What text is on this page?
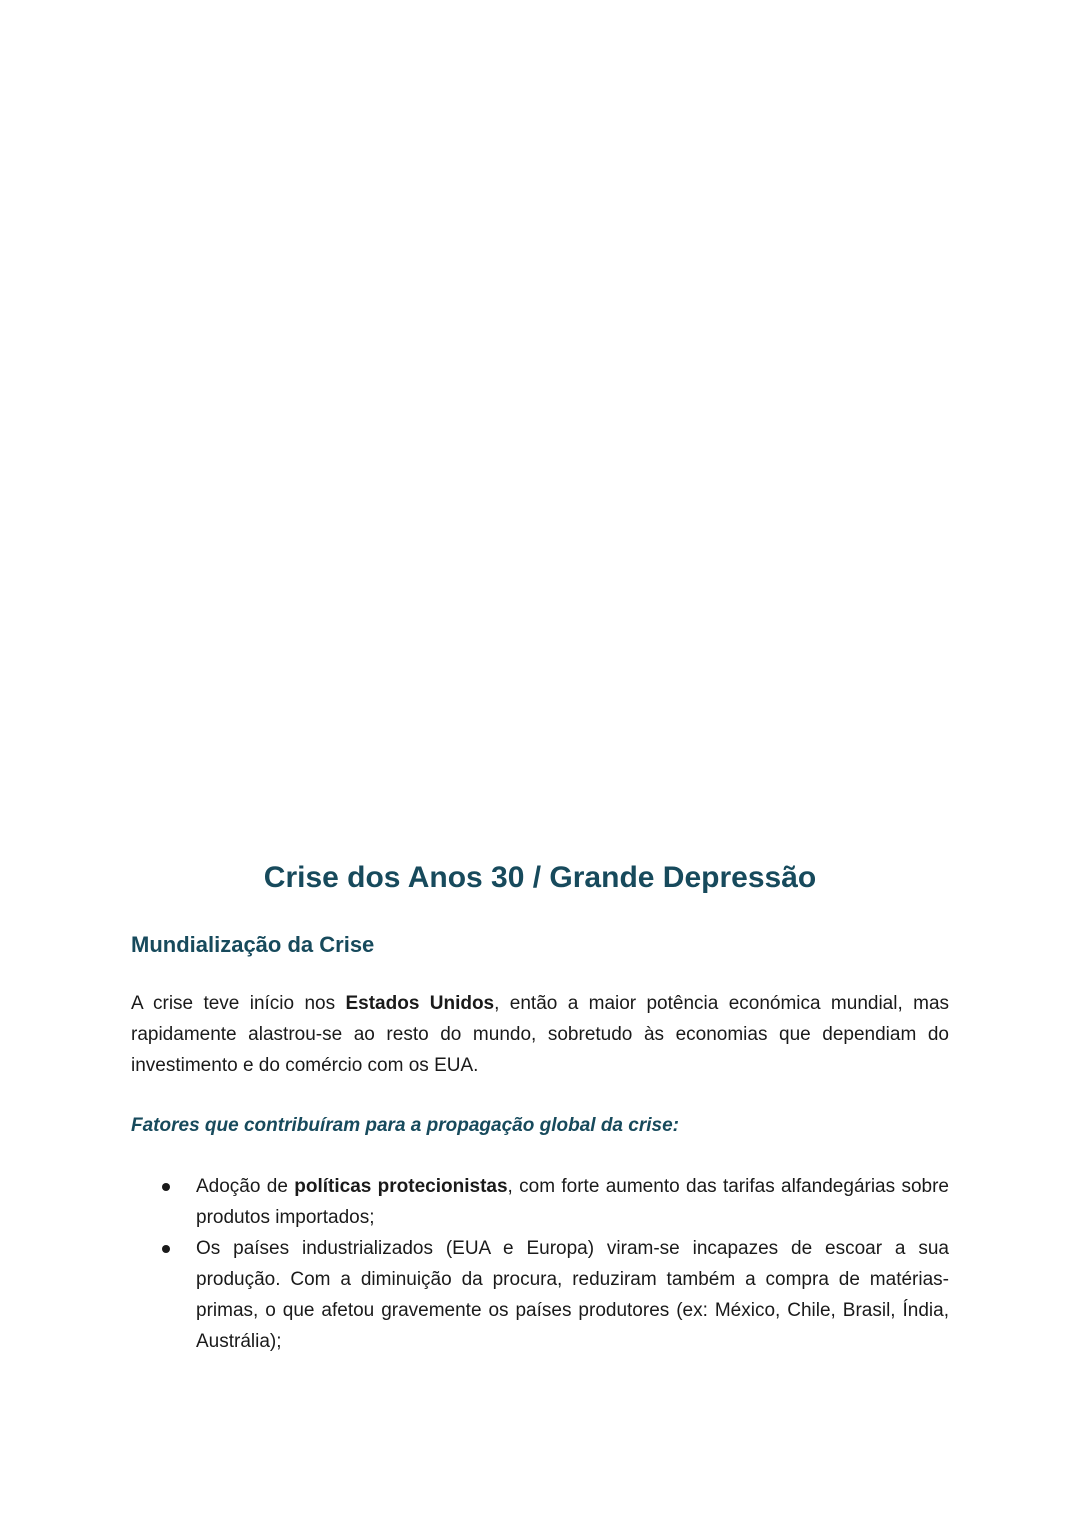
Crise dos Anos 30 / Grande Depressão
Mundialização da Crise

A crise teve início nos Estados Unidos, então a maior potência económica mundial, mas rapidamente alastrou-se ao resto do mundo, sobretudo às economias que dependiam do investimento e do comércio com os EUA.

Fatores que contribuíram para a propagação global da crise:
Adoção de políticas protecionistas, com forte aumento das tarifas alfandegárias sobre produtos importados;
Os países industrializados (EUA e Europa) viram-se incapazes de escoar a sua produção. Com a diminuição da procura, reduziram também a compra de matérias-primas, o que afetou gravemente os países produtores (ex: México, Chile, Brasil, Índia, Austrália);
